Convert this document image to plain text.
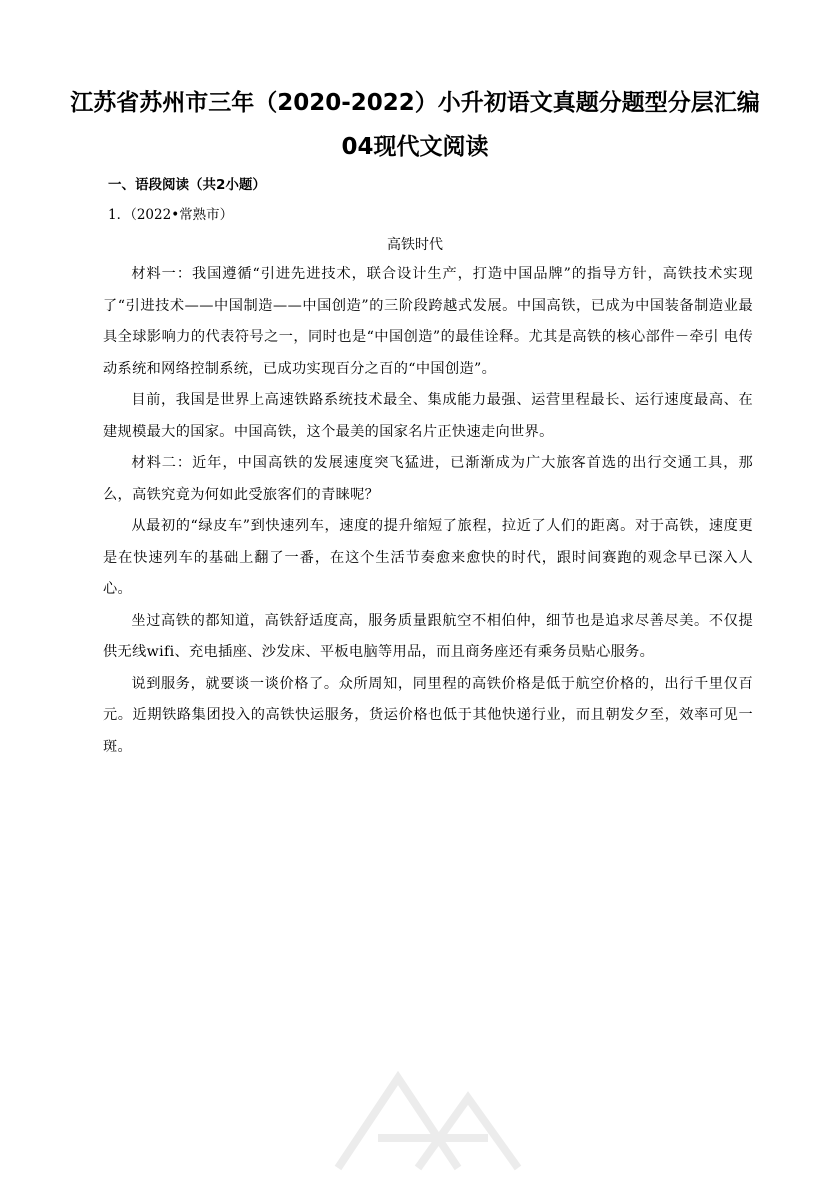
江苏省苏州市三年（2020-2022）小升初语文真题分题型分层汇编
04现代文阅读
一、语段阅读（共2小题）
1．（2022•常熟市）
高铁时代

材料一：我国遵循“引进先进技术，联合设计生产，打造中国品牌”的指导方针，高铁技术实现了“引进技术——中国制造——中国创造”的三阶段跨越式发展。中国高铁，已成为中国装备制造业最具全球影响力的代表符号之一，同时也是“中国创造”的最佳诠释。尤其是高铁的核心部件－牵引 电传动系统和网络控制系统，已成功实现百分之百的“中国创造”。

目前，我国是世界上高速铁路系统技术最全、集成能力最强、运营里程最长、运行速度最高、在建规模最大的国家。中国高铁，这个最美的国家名片正快速走向世界。

材料二：近年，中国高铁的发展速度突飞猛进，已渐渐成为广大旅客首选的出行交通工具，那么，高铁究竟为何如此受旅客们的青睐呢？

从最初的“绿皮车”到快速列车，速度的提升缩短了旅程，拉近了人们的距离。对于高铁，速度更是在快速列车的基础上翻了一番，在这个生活节奏愈来愈快的时代，跟时间赛跑的观念早已深入人心。

坐过高铁的都知道，高铁舒适度高，服务质量跟航空不相伯仲，细节也是追求尽善尽美。不仅提供无线wifi、充电插座、沙发床、平板电脑等用品，而且商务座还有乘务员贴心服务。

说到服务，就要谈一谈价格了。众所周知，同里程的高铁价格是低于航空价格的，出行千里仅百元。近期铁路集团投入的高铁快运服务，货运价格也低于其他快递行业，而且朝发夕至，效率可见一斑。
